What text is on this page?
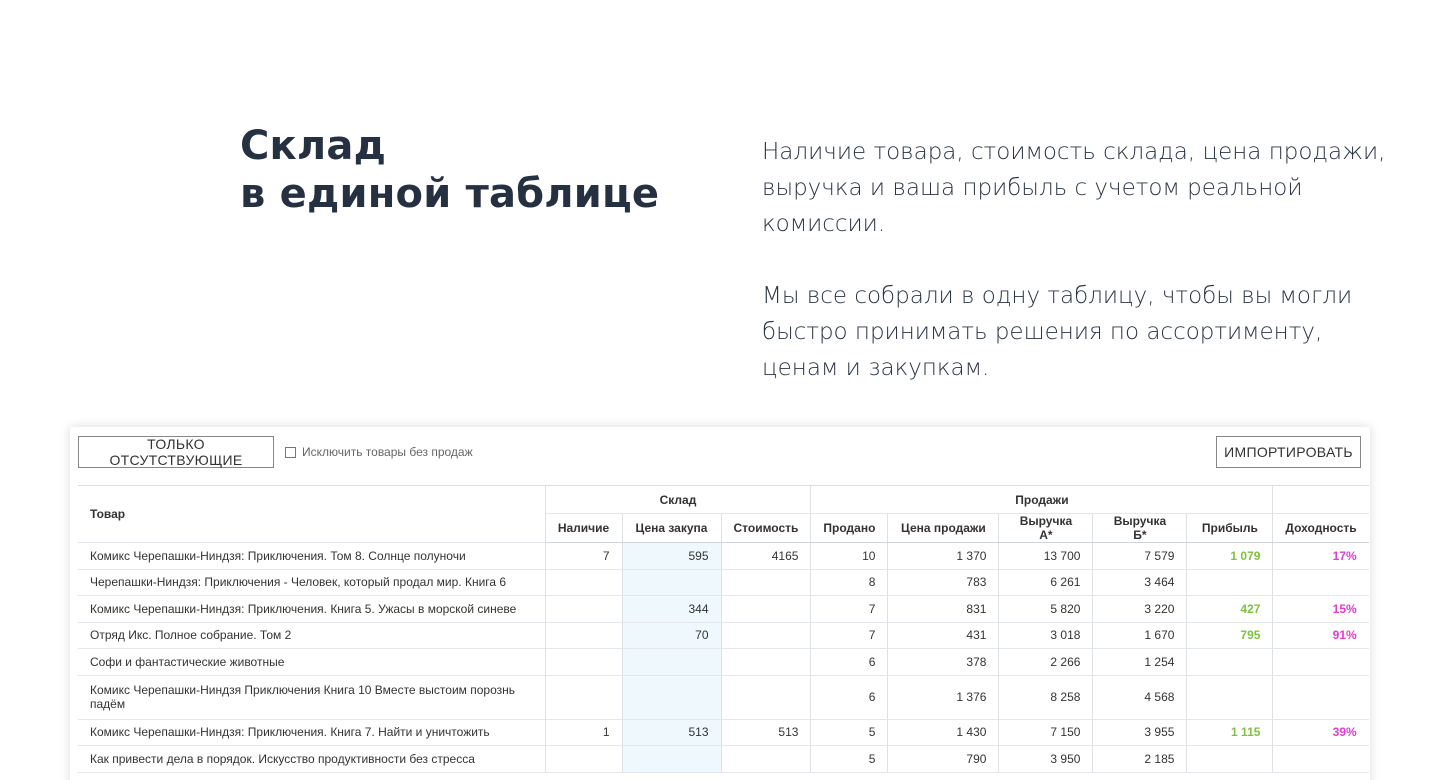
Склад
в единой таблице

Наличие товара, стоимость склада, цена продажи, выручка и ваша прибыль с учетом реальной комиссии.

Мы все собрали в одну таблицу, чтобы вы могли быстро принимать решения по ассортименту, ценам и закупкам.

ТОЛЬКО ОТСУТСТВУЮЩИЕ	Исключить товары без продаж	ИМПОРТИРОВАТЬ
Товар	Склад			Продажи					
	Наличие	Цена закупа	Стоимость	Продано	Цена продажи	Выручка А*	Выручка Б*	Прибыль	Доходность
Комикс Черепашки-Ниндзя: Приключения. Том 8. Солнце полуночи	7	595	4165	10	1 370	13 700	7 579	1 079	17%
Черепашки-Ниндзя: Приключения - Человек, который продал мир. Книга 6				8	783	6 261	3 464		
Комикс Черепашки-Ниндзя: Приключения. Книга 5. Ужасы в морской синеве		344		7	831	5 820	3 220	427	15%
Отряд Икс. Полное собрание. Том 2		70		7	431	3 018	1 670	795	91%
Софи и фантастические животные				6	378	2 266	1 254		
Комикс Черепашки-Ниндзя Приключения Книга 10 Вместе выстоим порознь падём				6	1 376	8 258	4 568		
Комикс Черепашки-Ниндзя: Приключения. Книга 7. Найти и уничтожить	1	513	513	5	1 430	7 150	3 955	1 115	39%
Как привести дела в порядок. Искусство продуктивности без стресса				5	790	3 950	2 185		
